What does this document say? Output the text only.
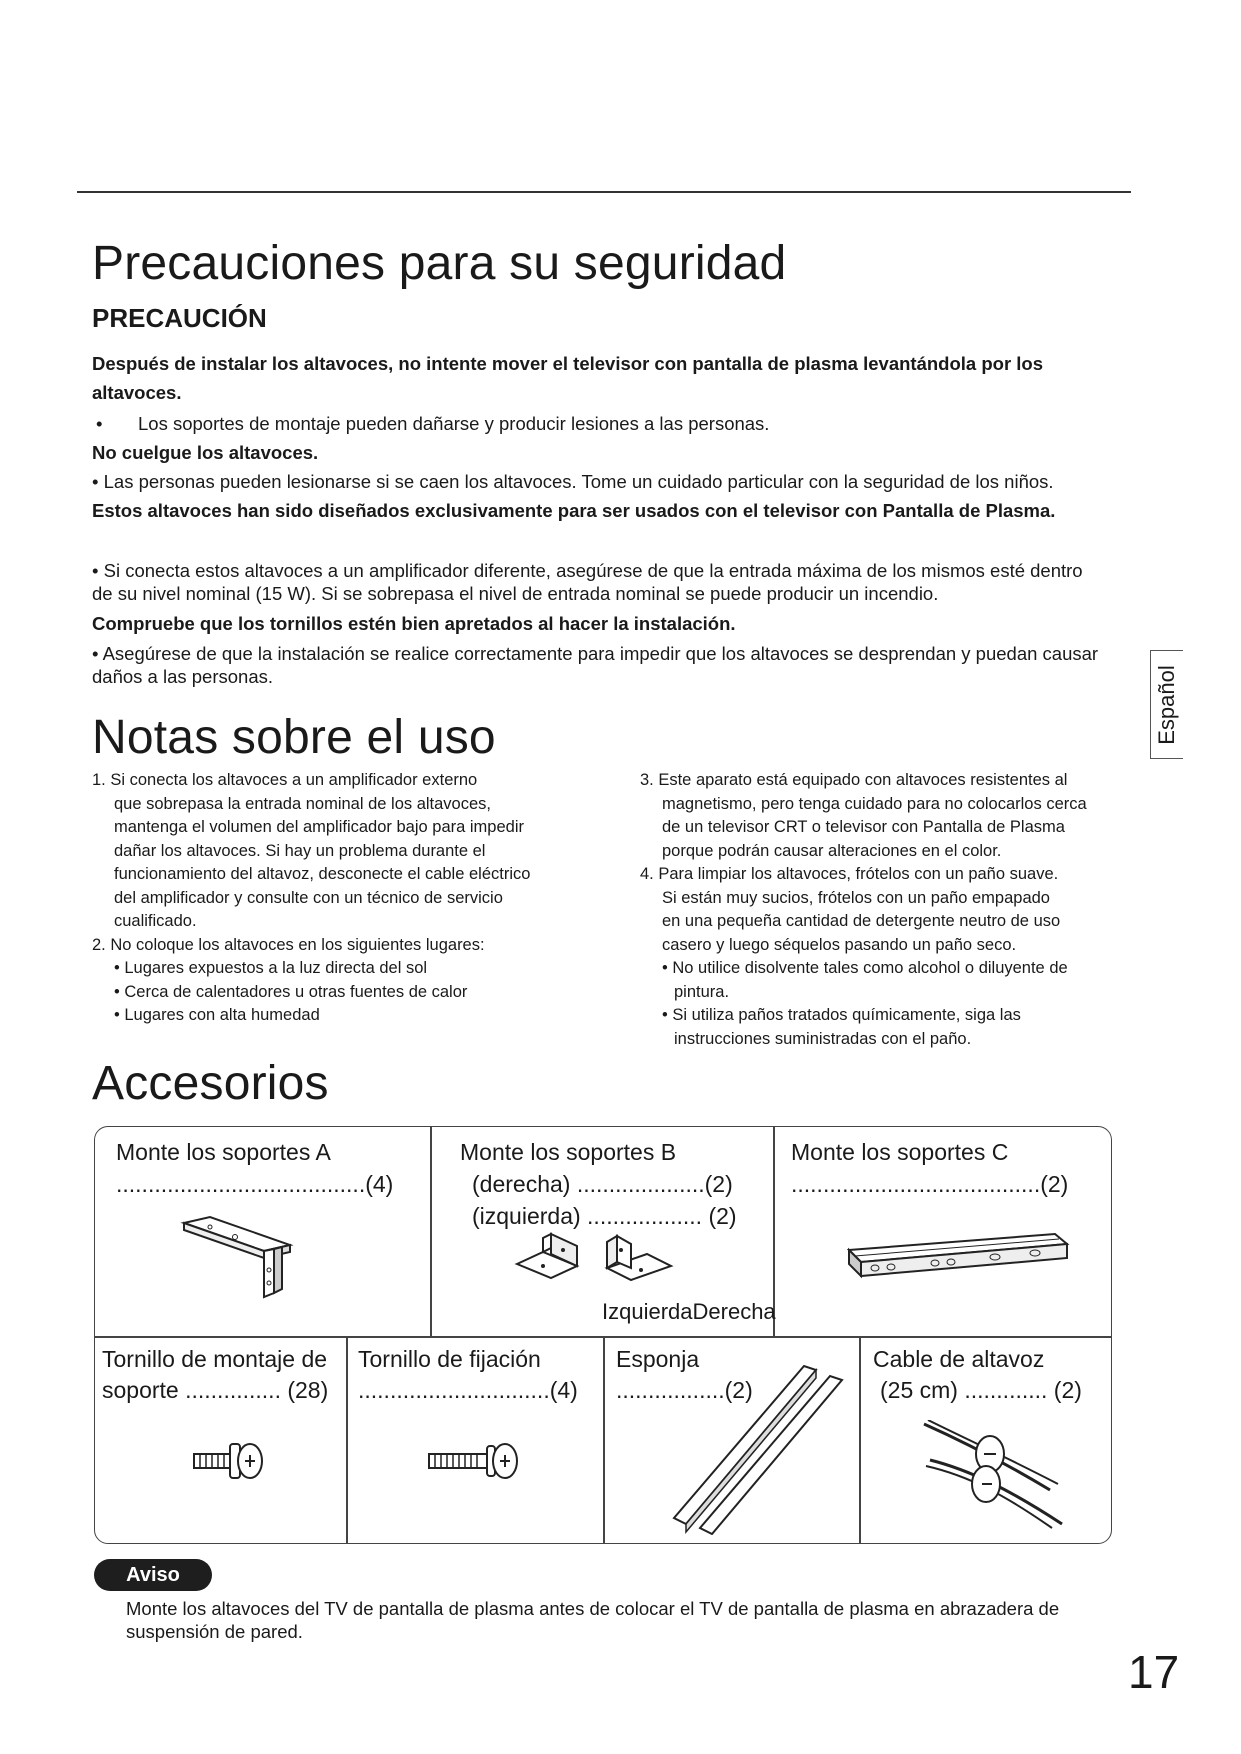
Precauciones para su seguridad
PRECAUCIÓN
Después de instalar los altavoces, no intente mover el televisor con pantalla de plasma levantándola por los altavoces.
• Los soportes de montaje pueden dañarse y producir lesiones a las personas.
No cuelgue los altavoces.
• Las personas pueden lesionarse si se caen los altavoces. Tome un cuidado particular con la seguridad de los niños.
Estos altavoces han sido diseñados exclusivamente para ser usados con el televisor con Pantalla de Plasma.
• Si conecta estos altavoces a un amplificador diferente, asegúrese de que la entrada máxima de los mismos esté dentro de su nivel nominal (15 W). Si se sobrepasa el nivel de entrada nominal se puede producir un incendio.
Compruebe que los tornillos estén bien apretados al hacer la instalación.
• Asegúrese de que la instalación se realice correctamente para impedir que los altavoces se desprendan y puedan causar daños a las personas.	Español
Notas sobre el uso

1. Si conecta los altavoces a un amplificador externo

que sobrepasa la entrada nominal de los altavoces,

mantenga el volumen del amplificador bajo para impedir

dañar los altavoces. Si hay un problema durante el

funcionamiento del altavoz, desconecte el cable eléctrico

del amplificador y consulte con un técnico de servicio

cualificado.

2. No coloque los altavoces en los siguientes lugares:

• Lugares expuestos a la luz directa del sol

• Cerca de calentadores u otras fuentes de calor

• Lugares con alta humedad

3. Este aparato está equipado con altavoces resistentes al

magnetismo, pero tenga cuidado para no colocarlos cerca

de un televisor CRT o televisor con Pantalla de Plasma

porque podrán causar alteraciones en el color.

4. Para limpiar los altavoces, frótelos con un paño suave.

Si están muy sucios, frótelos con un paño empapado

en una pequeña cantidad de detergente neutro de uso

casero y luego séquelos pasando un paño seco.

• No utilice disolvente tales como alcohol o diluyente de

pintura.

• Si utiliza paños tratados químicamente, siga las

instrucciones suministradas con el paño.

Accesorios
Monte los soportes A
.......................................(4)
Monte los soportes B
(derecha) ....................(2)
(izquierda) .................. (2)
IzquierdaDerecha
Monte los soportes C
.......................................(2)
Tornillo de montaje de
soporte ............... (28)
Tornillo de fijación
..............................(4)
Esponja
.................(2)
Cable de altavoz
(25 cm) ............. (2)
Aviso
Monte los altavoces del TV de pantalla de plasma antes de colocar el TV de pantalla de plasma en abrazadera de suspensión de pared.
17
